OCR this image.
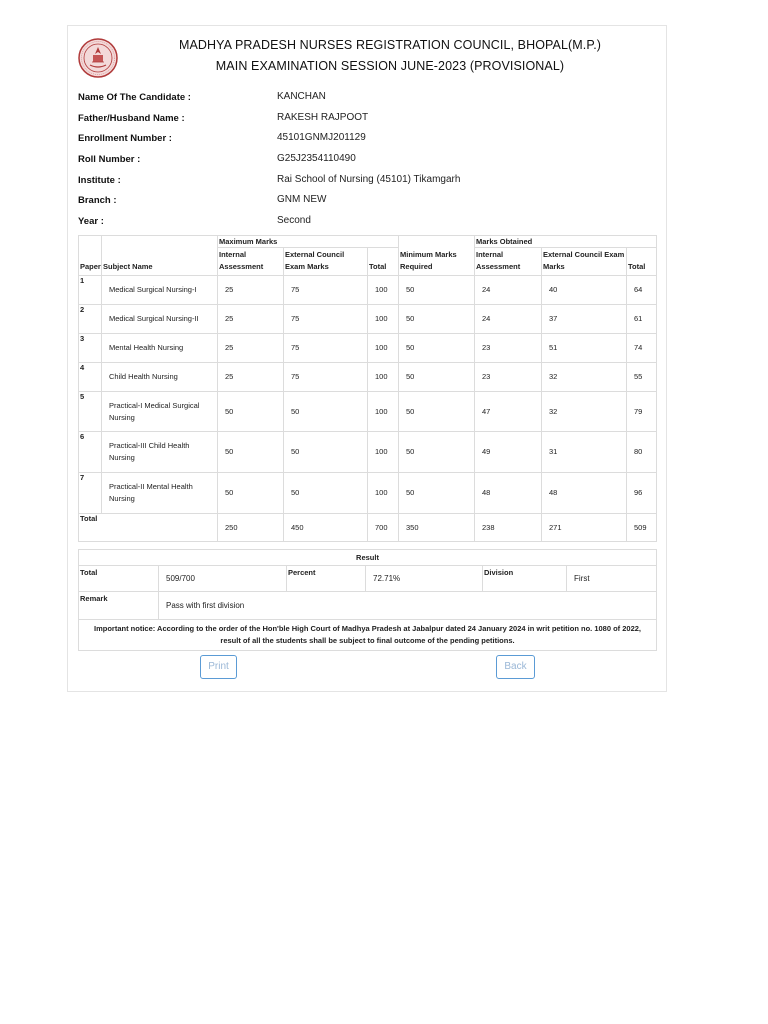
MADHYA PRADESH NURSES REGISTRATION COUNCIL, BHOPAL(M.P.)
MAIN EXAMINATION SESSION JUNE-2023 (PROVISIONAL)
Name Of The Candidate :	KANCHAN
Father/Husband Name :	RAKESH RAJPOOT
Enrollment Number :	45101GNMJ201129
Roll Number :	G25J2354110490
Institute :	Rai School of Nursing (45101) Tikamgarh
Branch :	GNM NEW
Year :	Second
Paper	Subject Name	Maximum Marks			Minimum Marks Required	Marks Obtained		
		Internal Assessment	External Council Exam Marks	Total		Internal Assessment	External Council Exam Marks	Total
1	Medical Surgical Nursing-I	25	75	100	50	24	40	64
2	Medical Surgical Nursing-II	25	75	100	50	24	37	61
3	Mental Health Nursing	25	75	100	50	23	51	74
4	Child Health Nursing	25	75	100	50	23	32	55
5	Practical-I Medical Surgical Nursing	50	50	100	50	47	32	79
6	Practical-III Child Health Nursing	50	50	100	50	49	31	80
7	Practical-II Mental Health Nursing	50	50	100	50	48	48	96
Total		250	450	700	350	238	271	509
Result					
Total	509/700	Percent	72.71%	Division	First
Remark	Pass with first division				
Important notice: According to the order of the Hon'ble High Court of Madhya Pradesh at Jabalpur dated 24 January 2024 in writ petition no. 1080 of 2022, result of all the students shall be subject to final outcome of the pending petitions.					
Print	Back
